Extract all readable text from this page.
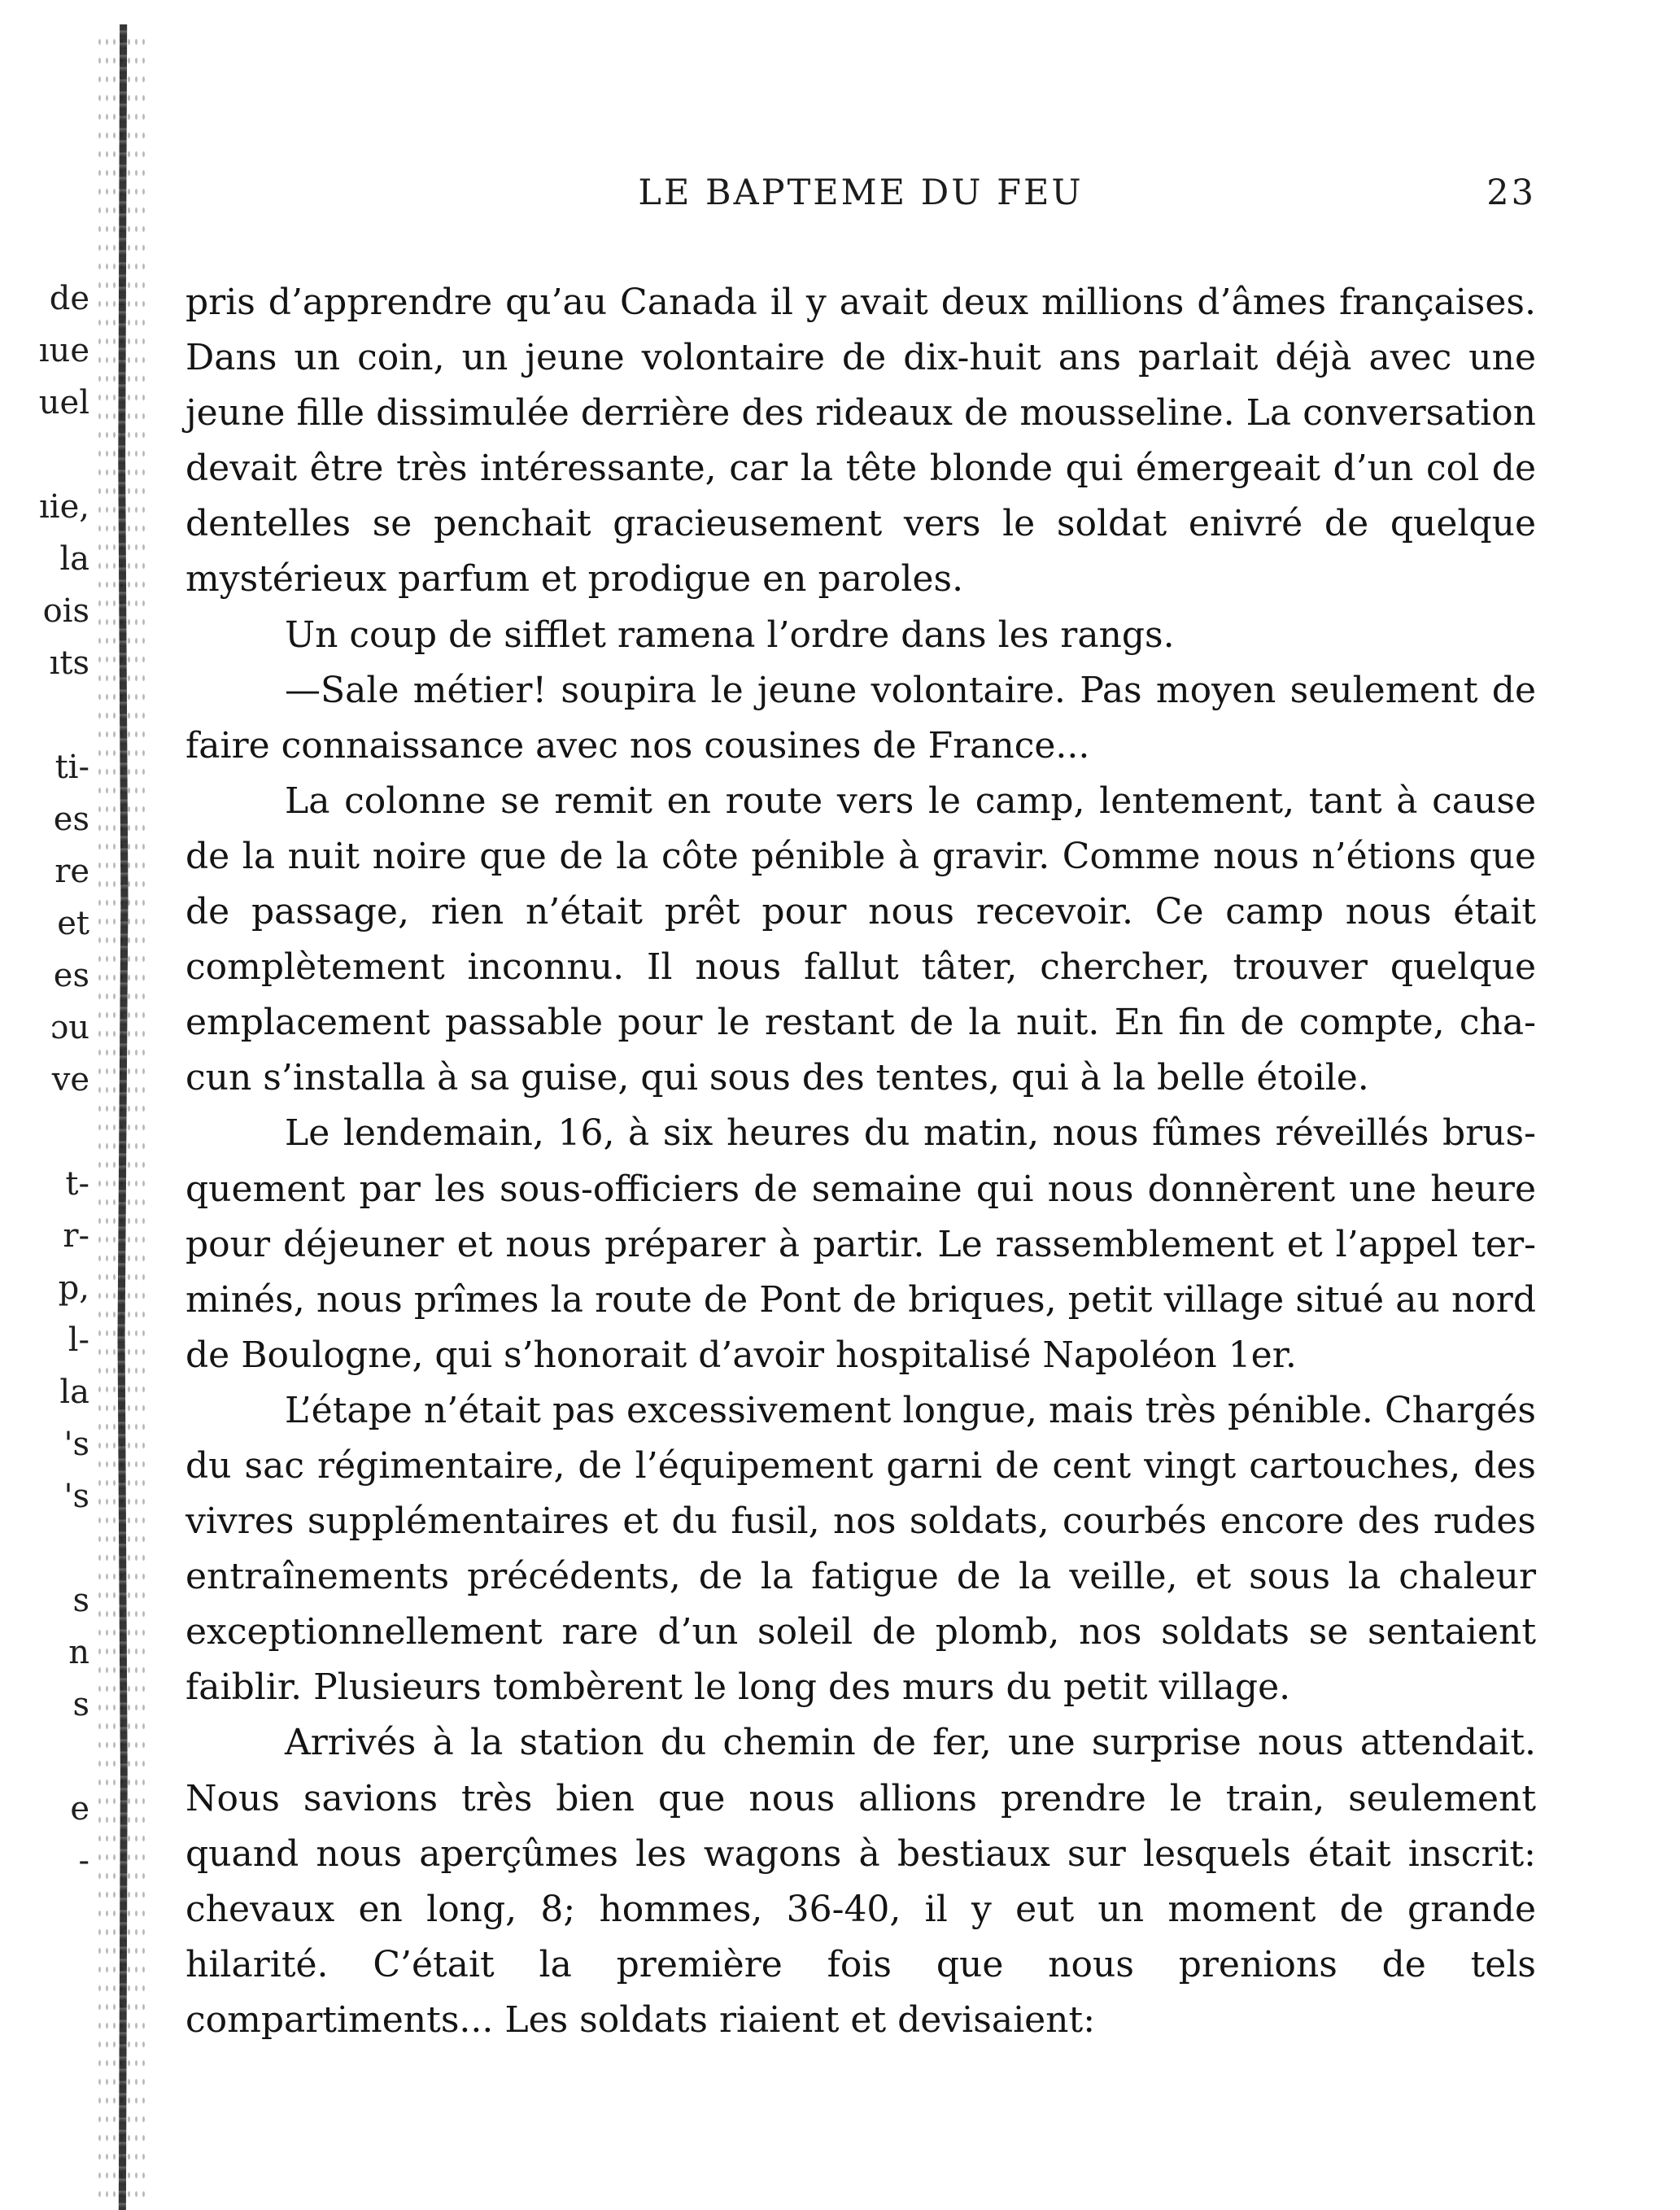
de
ıue
uel
ıie,
la
ois
ıts
ti-
es
re
et
es
ɔu
ve
t-
r-
p,
l-
la
's
's
s
n
s
e
-
LE BAPTEME DU FEU	23

pris d’apprendre qu’au Canada il y avait deux millions d’âmes françaises. Dans un coin, un jeune volontaire de dix-huit ans parlait déjà avec une jeune fille dissimulée derrière des rideaux de mousseline. La conversation devait être très intéressante, car la tête blonde qui émergeait d’un col de dentelles se penchait gracieusement vers le soldat enivré de quelque mystérieux parfum et prodigue en paroles.

Un coup de sifflet ramena l’ordre dans les rangs.

—Sale métier! soupira le jeune volontaire. Pas moyen seulement de faire connaissance avec nos cousines de France...

La colonne se remit en route vers le camp, lentement, tant à cause de la nuit noire que de la côte pénible à gravir. Comme nous n’étions que de passage, rien n’était prêt pour nous recevoir. Ce camp nous était complètement inconnu. Il nous fallut tâter, chercher, trouver quelque emplacement passable pour le restant de la nuit. En fin de compte, chacun s’installa à sa guise, qui sous des tentes, qui à la belle étoile.

Le lendemain, 16, à six heures du matin, nous fûmes réveillés brusquement par les sous-officiers de semaine qui nous donnèrent une heure pour déjeuner et nous préparer à partir. Le rassemblement et l’appel terminés, nous prîmes la route de Pont de briques, petit village situé au nord de Boulogne, qui s’honorait d’avoir hospitalisé Napoléon 1er.

L’étape n’était pas excessivement longue, mais très pénible. Chargés du sac régimentaire, de l’équipement garni de cent vingt cartouches, des vivres supplémentaires et du fusil, nos soldats, courbés encore des rudes entraînements précédents, de la fatigue de la veille, et sous la chaleur exceptionnellement rare d’un soleil de plomb, nos soldats se sentaient faiblir. Plusieurs tombèrent le long des murs du petit village.

Arrivés à la station du chemin de fer, une surprise nous attendait. Nous savions très bien que nous allions prendre le train, seulement quand nous aperçûmes les wagons à bestiaux sur lesquels était inscrit: chevaux en long, 8; hommes, 36-40, il y eut un moment de grande hilarité. C’était la première fois que nous prenions de tels compartiments... Les soldats riaient et devisaient:
